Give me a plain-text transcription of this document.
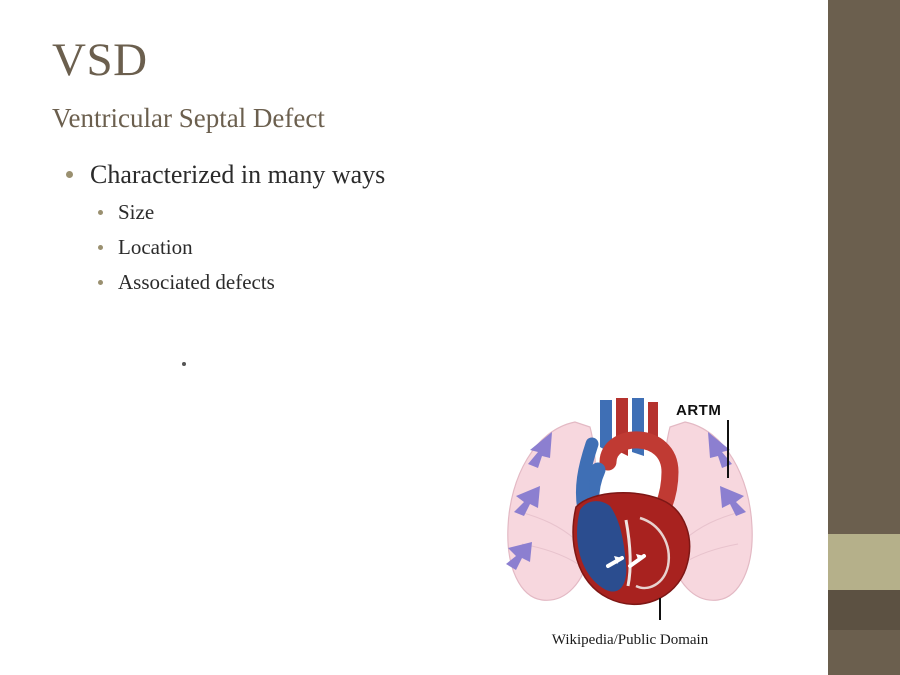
VSD
Ventricular Septal Defect
Characterized in many ways
Size
Location
Associated defects
ARTM
Wikipedia/Public Domain
